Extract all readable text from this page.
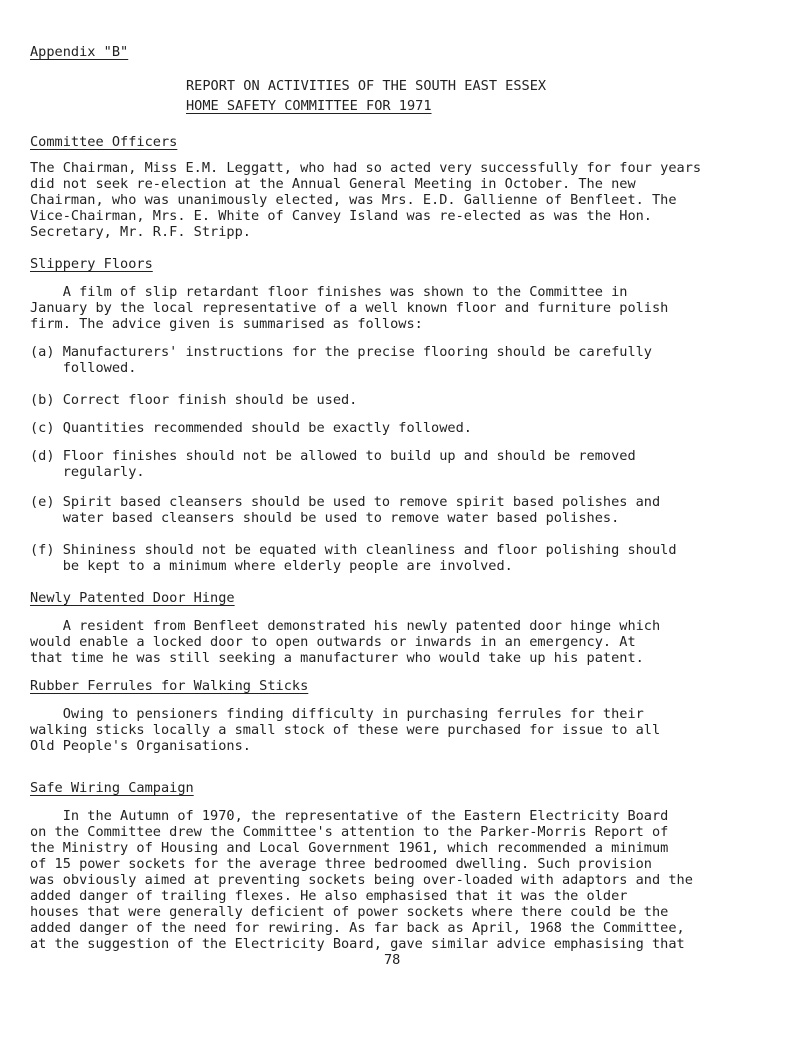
Appendix "B"
REPORT ON ACTIVITIES OF THE SOUTH EAST ESSEX
HOME SAFETY COMMITTEE FOR 1971
Committee Officers
The Chairman, Miss E.M. Leggatt, who had so acted very successfully for four years
did not seek re-election at the Annual General Meeting in October. The new
Chairman, who was unanimously elected, was Mrs. E.D. Gallienne of Benfleet. The
Vice-Chairman, Mrs. E. White of Canvey Island was re-elected as was the Hon.
Secretary, Mr. R.F. Stripp.
Slippery Floors
A film of slip retardant floor finishes was shown to the Committee in
January by the local representative of a well known floor and furniture polish
firm. The advice given is summarised as follows:
(a) Manufacturers' instructions for the precise flooring should be carefully
followed.
(b) Correct floor finish should be used.
(c) Quantities recommended should be exactly followed.
(d) Floor finishes should not be allowed to build up and should be removed
regularly.
(e) Spirit based cleansers should be used to remove spirit based polishes and
water based cleansers should be used to remove water based polishes.
(f) Shininess should not be equated with cleanliness and floor polishing should
be kept to a minimum where elderly people are involved.
Newly Patented Door Hinge
A resident from Benfleet demonstrated his newly patented door hinge which
would enable a locked door to open outwards or inwards in an emergency. At
that time he was still seeking a manufacturer who would take up his patent.
Rubber Ferrules for Walking Sticks
Owing to pensioners finding difficulty in purchasing ferrules for their
walking sticks locally a small stock of these were purchased for issue to all
Old People's Organisations.
Safe Wiring Campaign
In the Autumn of 1970, the representative of the Eastern Electricity Board
on the Committee drew the Committee's attention to the Parker-Morris Report of
the Ministry of Housing and Local Government 1961, which recommended a minimum
of 15 power sockets for the average three bedroomed dwelling. Such provision
was obviously aimed at preventing sockets being over-loaded with adaptors and the
added danger of trailing flexes. He also emphasised that it was the older
houses that were generally deficient of power sockets where there could be the
added danger of the need for rewiring. As far back as April, 1968 the Committee,
at the suggestion of the Electricity Board, gave similar advice emphasising that
78
